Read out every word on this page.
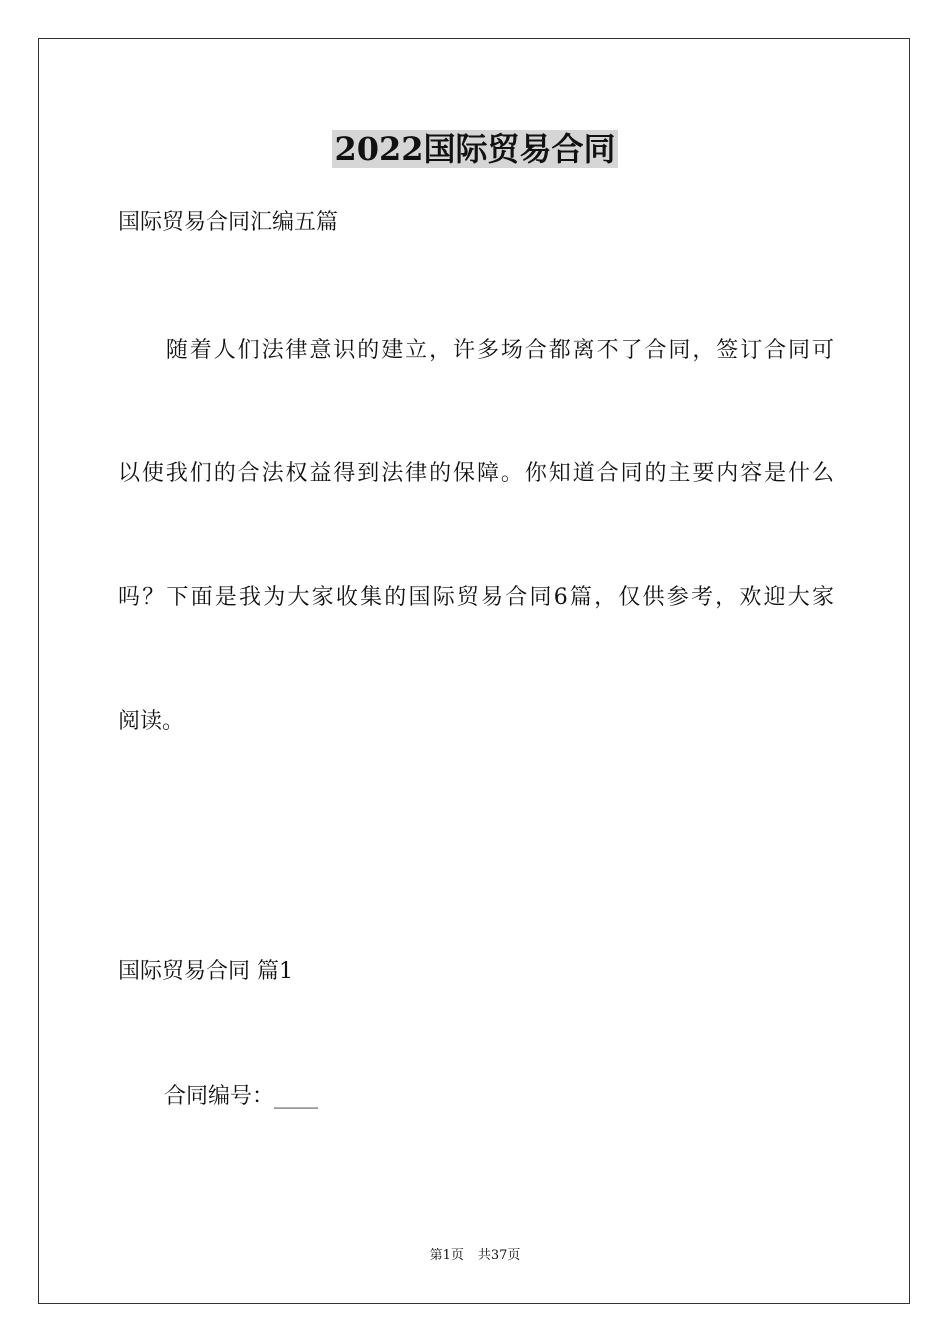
2022国际贸易合同
国际贸易合同汇编五篇
　　随着人们法律意识的建立，许多场合都离不了合同，签订合同可
以使我们的合法权益得到法律的保障。你知道合同的主要内容是什么
吗？下面是我为大家收集的国际贸易合同6篇，仅供参考，欢迎大家
阅读。
国际贸易合同 篇1
合同编号：____
第1页 共37页
